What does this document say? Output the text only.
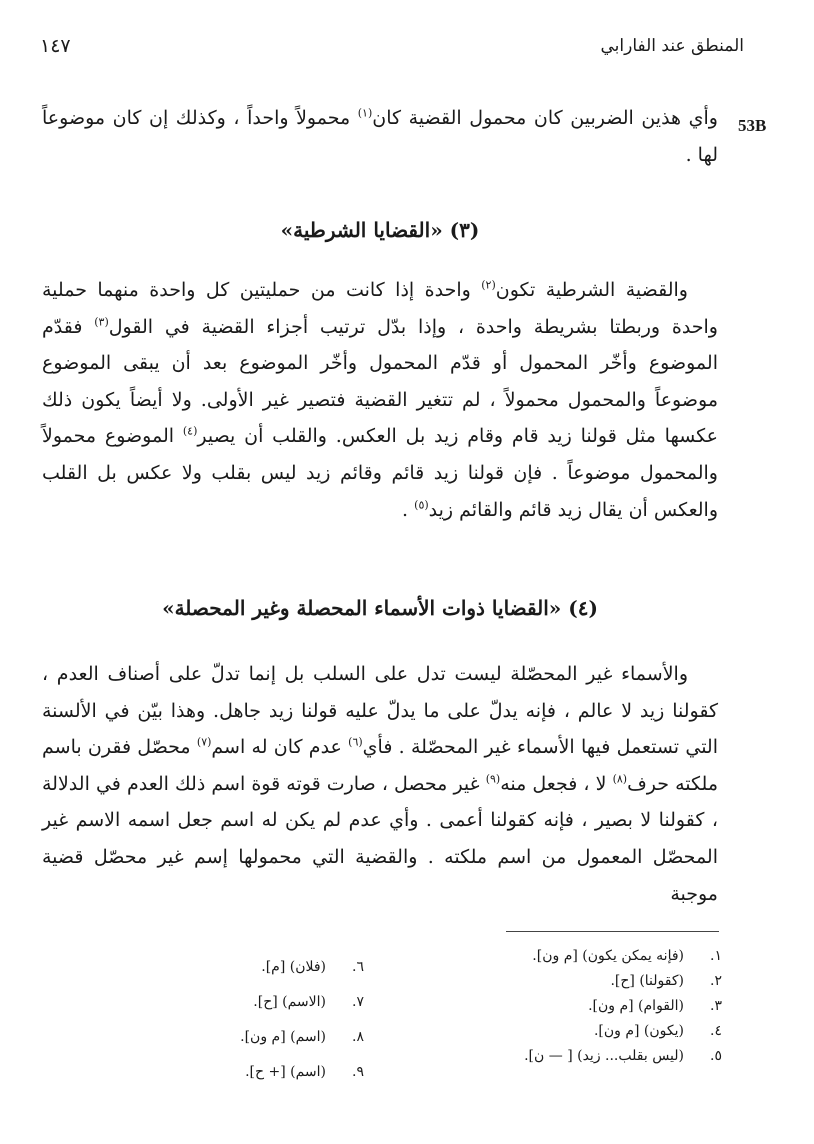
١٤٧	المنطق عند الفارابي
53B

وأي هذين الضربين كان محمول القضية كان$^{(١)}$ محمولاً واحداً ، وكذلك إن كان موضوعاً لها .

(٣) «القضايا الشرطية»

والقضية الشرطية تكون$^{(٢)}$ واحدة إذا كانت من حمليتين كل واحدة منهما حملية واحدة وربطتا بشريطة واحدة ، وإذا بدّل ترتيب أجزاء القضية في القول$^{(٣)}$ فقدّم الموضوع وأخّر المحمول أو قدّم المحمول وأخّر الموضوع بعد أن يبقى الموضوع موضوعاً والمحمول محمولاً ، لم تتغير القضية فتصير غير الأولى. ولا أيضاً يكون ذلك عكسها مثل قولنا زيد قام وقام زيد بل العكس. والقلب أن يصير$^{(٤)}$ الموضوع محمولاً والمحمول موضوعاً . فإن قولنا زيد قائم وقائم زيد ليس بقلب ولا عكس بل القلب والعكس أن يقال زيد قائم والقائم زيد$^{(٥)}$ .

(٤) «القضايا ذوات الأسماء المحصلة وغير المحصلة»

والأسماء غير المحصّلة ليست تدل على السلب بل إنما تدلّ على أصناف العدم ، كقولنا زيد لا عالم ، فإنه يدلّ على ما يدلّ عليه قولنا زيد جاهل. وهذا بيّن في الألسنة التي تستعمل فيها الأسماء غير المحصّلة . فأي$^{(٦)}$ عدم كان له اسم$^{(٧)}$ محصّل فقرن باسم ملكته حرف$^{(٨)}$ لا ، فجعل منه$^{(٩)}$ غير محصل ، صارت قوته قوة اسم ذلك العدم في الدلالة ، كقولنا لا بصير ، فإنه كقولنا أعمى . وأي عدم لم يكن له اسم جعل اسمه الاسم غير المحصّل المعمول من اسم ملكته . والقضية التي محمولها إسم غير محصّل قضية موجبة

١.
(فإنه يمكن يكون) [م ون].
٢.
(كقولنا) [ح].
٣.
(القوام) [م ون].
٤.
(يكون) [م ون].
٥.
(ليس بقلب... زيد) [ — ن].
٦.
(فلان) [م].
٧.
(الاسم) [ح].
٨.
(اسم) [م ون].
٩.
(اسم) [+ ح].
